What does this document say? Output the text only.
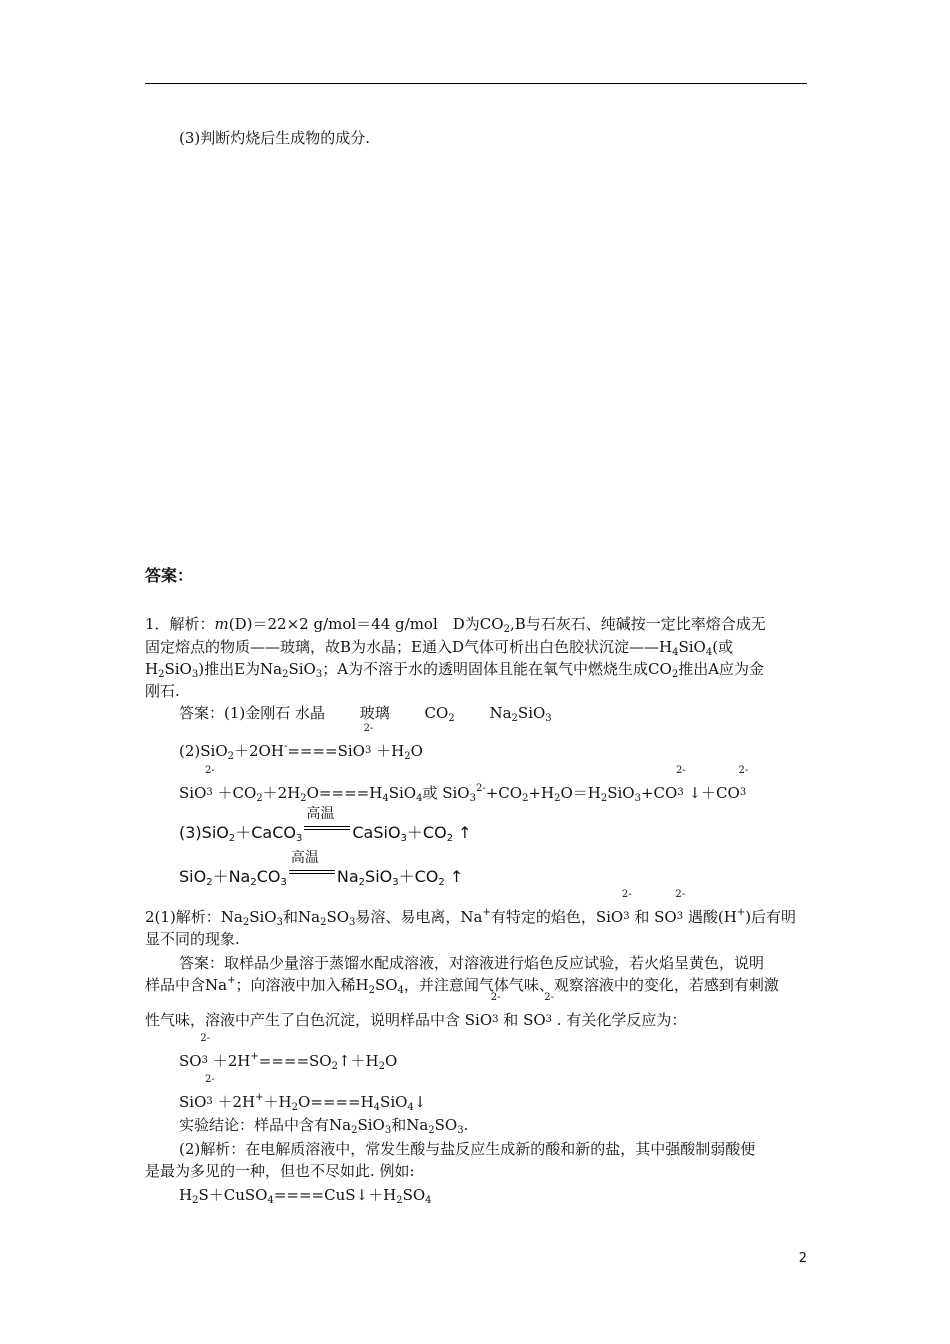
(3)判断灼烧后生成物的成分.
答案：
1．解析：m(D)＝22×2 g/mol＝44 g/mol　D为$CO_2,B$与石灰石、纯碱按一定比率熔合成无
固定熔点的物质——玻璃，故B为水晶；E通入D气体可析出白色胶状沉淀$——H_4SiO_4$(或
$H_2SiO_3$)推出E为$Na_2SiO_3$；A为不溶于水的透明固体且能在氧气中燃烧生成$CO_2$推出A应为金
刚石.
答案：(1)金刚石 水晶　　 玻璃　　 $CO_2$　　 $Na_2SiO_3$
(2)SiO$_2$＋2OH-====SiO$^3$
2-
$+H_2O$
SiO$^3$
2-
$+CO_2+2H_2O====H_4SiO_4$或 $SiO_3^{2-}+CO_2+H_2O=H_2SiO_3+CO^3$
2-
$↓+CO^3$
2-
(3)SiO$_2$＋CaCO$_3$
高温
$CaSiO_3+CO_2$ ↑
$SiO_2+Na_2CO_3$
高温
$Na_2SiO_3+CO_2$ ↑
2(1)解析：$Na_2SiO_3$和$Na_2SO_3$易溶、易电离，Na+有特定的焰色，SiO$^3$
2-
和 $SO^3$
2-
遇酸(H+)后有明
显不同的现象.
答案：取样品少量溶于蒸馏水配成溶液，对溶液进行焰色反应试验，若火焰呈黄色，说明
样品中含Na+；向溶液中加入稀$H_2SO_4$，并注意闻气体气味、观察溶液中的变化，若感到有刺激
性气味，溶液中产生了白色沉淀，说明样品中含 SiO$^3$
2-
和 $SO^3$
2-
. 有关化学反应为：
$SO^3$
2-
$+2H^+====SO_2↑+H_2O$
SiO$^3$
2-
$+2H^++H_2O====H_4SiO_4↓$
实验结论：样品中含有$Na_2SiO_3$和$Na_2SO_3$.
(2)解析：在电解质溶液中，常发生酸与盐反应生成新的酸和新的盐，其中强酸制弱酸便
是最为多见的一种，但也不尽如此. 例如:
$H_2S+CuSO_4====CuS↓+H_2SO_4$
2
